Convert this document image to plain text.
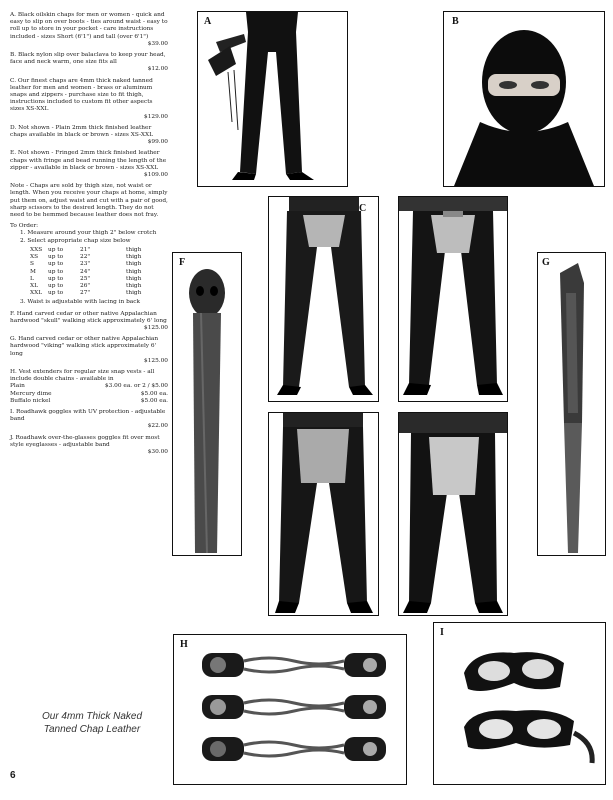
A. Black oilskin chaps for men or women - quick and easy to slip on over boots - ties around waist - easy to roll up to store in your pocket - care instructions included - sizes Short (6'1") and tall (over 6'1")
$39.00
B. Black nylon slip over balaclava to keep your head, face and neck warm, one size fits all
$12.00
C. Our finest chaps are 4mm thick naked tanned leather for men and women - brass or aluminum snaps and zippers - purchase size to fit thigh, instructions included to custom fit other aspects sizes XS-XXL
$129.00
D. Not shown - Plain 2mm thick finished leather chaps available in black or brown - sizes XS-XXL
$99.00
E. Not shown - Fringed 2mm thick finished leather chaps with fringe and bead running the length of the zipper - available in black or brown - sizes XS-XXL
$109.00
Note - Chaps are sold by thigh size, not waist or length. When you receive your chaps at home, simply put them on, adjust waist and cut with a pair of good, sharp scissors to the desired length. They do not need to be hemmed because leather does not fray.
To Order:
1. Measure around your thigh 2" below crotch
2. Select appropriate chap size below
XXS up to	21"	thigh
XS	up to	22"	thigh
S	up to	23"	thigh
M	up to	24"	thigh
L	up to	25"	thigh
XL	up to	26"	thigh
XXL	up to	27"	thigh
3. Waist is adjustable with lacing in back
F. Hand carved cedar or other native Appalachian hardwood "skull" walking stick approximately 6' long
$125.00
G. Hand carved cedar or other native Appalachian hardwood "viking" walking stick approximately 6' long
$125.00
H. Vest extenders for regular size snap vests - all include double chains - available in
Plain	$3.00 ea. or 2 / $5.00
Mercury dime	$5.00 ea.
Buffalo nickel	$5.00 ea.
I. Roadhawk goggles with UV protection - adjustable band
$22.00
J. Roadhawk over-the-glasses goggles fit over most style eyeglasses - adjustable band
$30.00
Our 4mm Thick Naked
Tanned Chap Leather
6
A	B
F
C
G
H
I
